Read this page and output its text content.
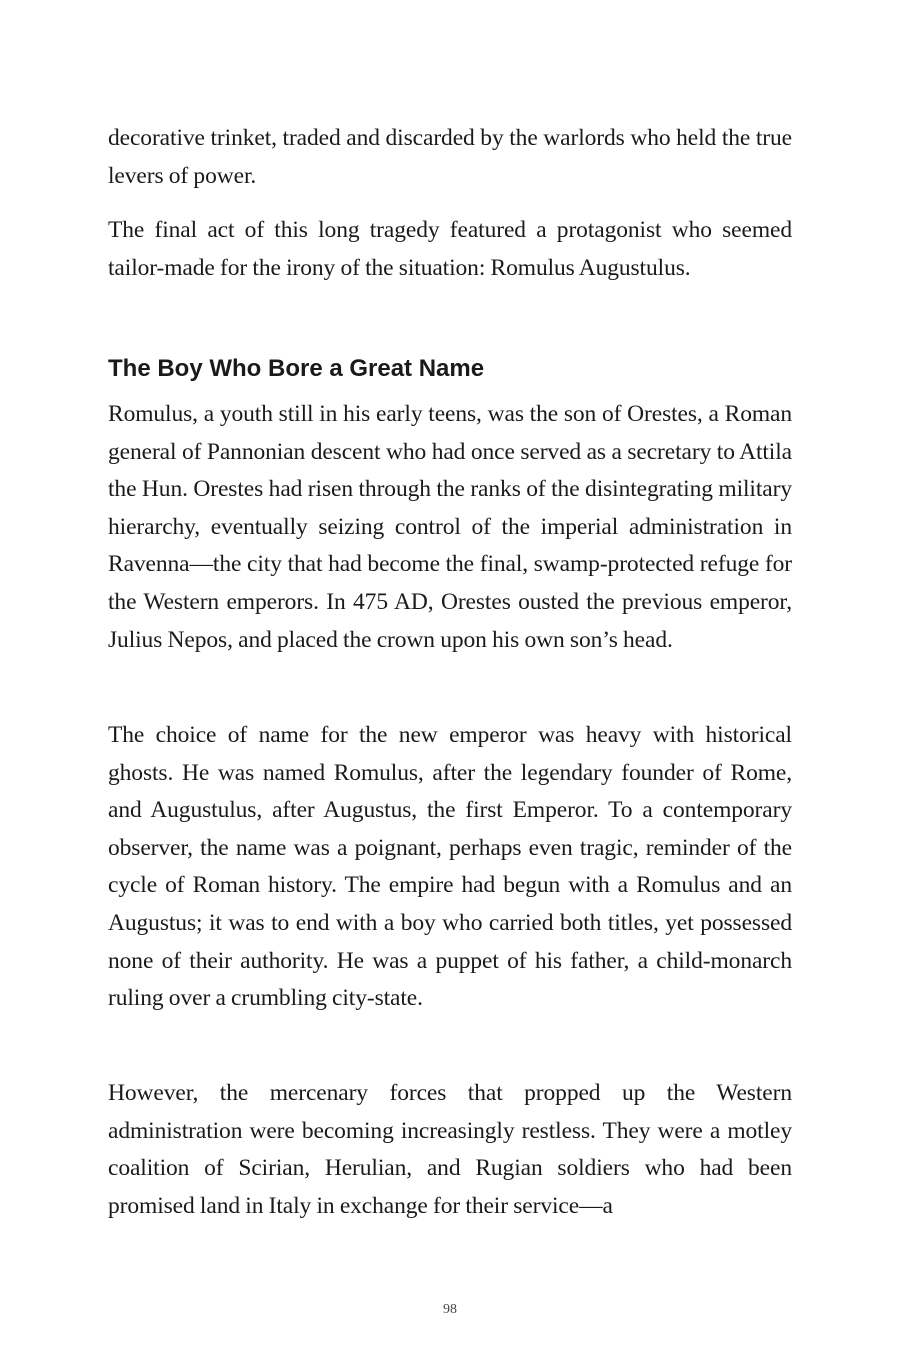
decorative trinket, traded and discarded by the warlords who held the true levers of power.

The final act of this long tragedy featured a protagonist who seemed tailor-made for the irony of the situation: Romulus Augustulus.

The Boy Who Bore a Great Name

Romulus, a youth still in his early teens, was the son of Orestes, a Roman general of Pannonian descent who had once served as a secretary to Attila the Hun. Orestes had risen through the ranks of the disintegrating military hierarchy, eventually seizing control of the imperial administration in Ravenna—the city that had become the final, swamp-protected refuge for the Western emperors. In 475 AD, Orestes ousted the previous emperor, Julius Nepos, and placed the crown upon his own son’s head.

The choice of name for the new emperor was heavy with historical ghosts. He was named Romulus, after the legendary founder of Rome, and Augustulus, after Augustus, the first Emperor. To a contemporary observer, the name was a poignant, perhaps even tragic, reminder of the cycle of Roman history. The empire had begun with a Romulus and an Augustus; it was to end with a boy who carried both titles, yet possessed none of their authority. He was a puppet of his father, a child-monarch ruling over a crumbling city-state.

However, the mercenary forces that propped up the Western administration were becoming increasingly restless. They were a motley coalition of Scirian, Herulian, and Rugian soldiers who had been promised land in Italy in exchange for their service—a

98
